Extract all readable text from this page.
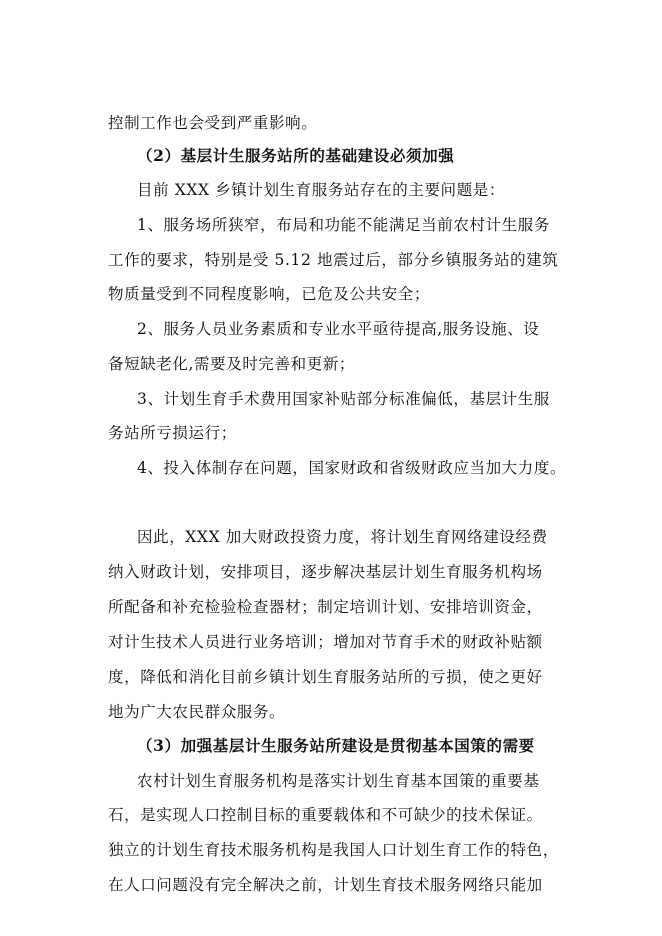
控制工作也会受到严重影响。
（2）基层计生服务站所的基础建设必须加强
目前 XXX 乡镇计划生育服务站存在的主要问题是：
1、服务场所狭窄，布局和功能不能满足当前农村计生服务
工作的要求，特别是受 5.12 地震过后，部分乡镇服务站的建筑
物质量受到不同程度影响，已危及公共安全；
2、服务人员业务素质和专业水平亟待提高,服务设施、设
备短缺老化,需要及时完善和更新；
3、计划生育手术费用国家补贴部分标准偏低，基层计生服
务站所亏损运行；
4、投入体制存在问题，国家财政和省级财政应当加大力度。
因此，XXX 加大财政投资力度，将计划生育网络建设经费
纳入财政计划，安排项目，逐步解决基层计划生育服务机构场
所配备和补充检验检查器材；制定培训计划、安排培训资金，
对计生技术人员进行业务培训；增加对节育手术的财政补贴额
度，降低和消化目前乡镇计划生育服务站所的亏损，使之更好
地为广大农民群众服务。
（3）加强基层计生服务站所建设是贯彻基本国策的需要
农村计划生育服务机构是落实计划生育基本国策的重要基
石，是实现人口控制目标的重要载体和不可缺少的技术保证。
独立的计划生育技术服务机构是我国人口计划生育工作的特色，
在人口问题没有完全解决之前，计划生育技术服务网络只能加
